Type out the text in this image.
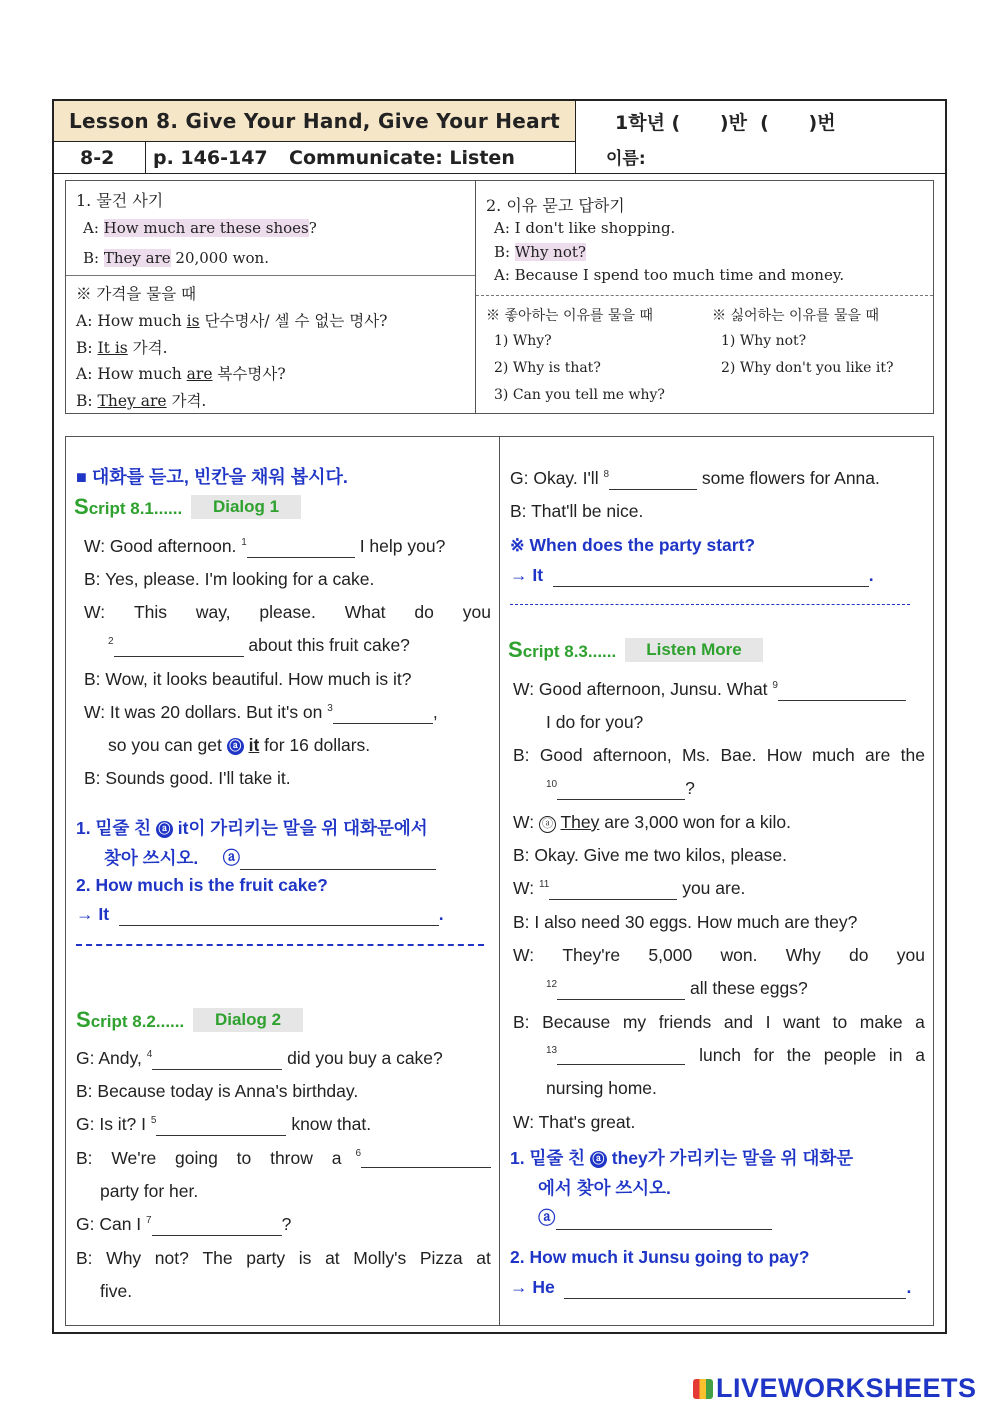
Lesson 8. Give Your Hand, Give Your Heart	1학년 (      )반  (      )번
이름:
8-2 p. 146-147 Communicate: Listen
1. 물건 사기
A: How much are these shoes?
B: They are 20,000 won.
※ 가격을 물을 때
A: How much is 단수명사/ 셀 수 없는 명사?
B: It is 가격.
A: How much are 복수명사?
B: They are 가격.
2. 이유 묻고 답하기
A: I don't like shopping.
B: Why not?
A: Because I spend too much time and money.
※ 좋아하는 이유를 물을 때
1) Why?
2) Why is that?
3) Can you tell me why?
※ 싫어하는 이유를 물을 때
1) Why not?
2) Why don't you like it?
■ 대화를 듣고, 빈칸을 채워 봅시다.
Script 8.1......	Dialog 1
W: Good afternoon. $^1$	I help you?
B: Yes, please. I'm looking for a cake.
W: This way, please. What do you
$^2$	about this fruit cake?
B: Wow, it looks beautiful. How much is it?
W: It was 20 dollars. But it's on $^3$	,
so you can get ⓐ it for 16 dollars.
B: Sounds good. I'll take it.
1. 밑줄 친 ⓐ it이 가리키는 말을 위 대화문에서
찾아 쓰시오. ⓐ
2. How much is the fruit cake?
→ It	.
Script 8.2......	Dialog 2
G: Andy, $^4$	did you buy a cake?
B: Because today is Anna's birthday.
G: Is it? I $^5$	know that.
B: We're going to throw a 6
party for her.
G: Can I $^7$	?
B: Why not? The party is at Molly's Pizza at
five.
G: Okay. I'll $^8$	some flowers for Anna.
B: That'll be nice.
※ When does the party start?
→ It	.
Script 8.3......	Listen More
W: Good afternoon, Junsu. What $^9$
I do for you?
B: Good afternoon, Ms. Bae. How much are the
$^{10}$	?
W: ⓐ They are 3,000 won for a kilo.
B: Okay. Give me two kilos, please.
W: $^{11}$	you are.
B: I also need 30 eggs. How much are they?
W: They're 5,000 won. Why do you
$^{12}$	all these eggs?
B: Because my friends and I want to make a
13	lunch for the people in a
nursing home.
W: That's great.
1. 밑줄 친 ⓐ they가 가리키는 말을 위 대화문
에서 찾아 쓰시오.
ⓐ
2. How much it Junsu going to pay?
→ He	.
LIVEWORKSHEETS
